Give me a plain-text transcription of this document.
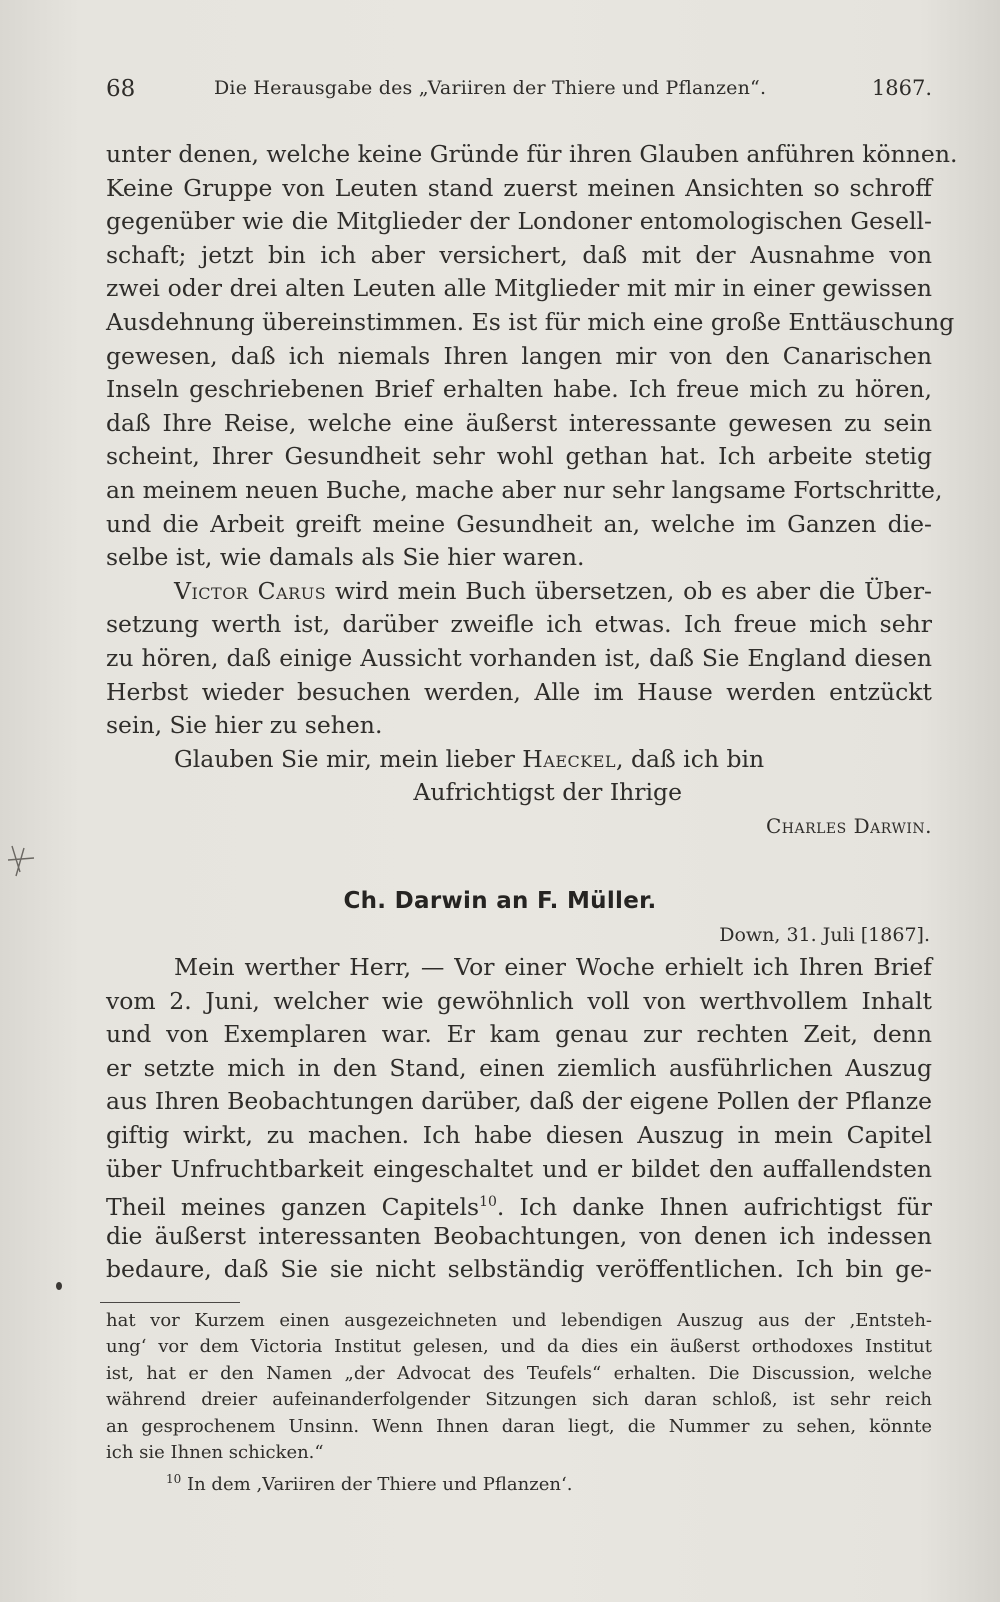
68	Die Herausgabe des „Variiren der Thiere und Pflanzen“.	1867.
unter denen, welche keine Gründe für ihren Glauben anführen können.
Keine Gruppe von Leuten stand zuerst meinen Ansichten so schroff
gegenüber wie die Mitglieder der Londoner entomologischen Gesell-
schaft; jetzt bin ich aber versichert, daß mit der Ausnahme von
zwei oder drei alten Leuten alle Mitglieder mit mir in einer gewissen
Ausdehnung übereinstimmen. Es ist für mich eine große Enttäuschung
gewesen, daß ich niemals Ihren langen mir von den Canarischen
Inseln geschriebenen Brief erhalten habe. Ich freue mich zu hören,
daß Ihre Reise, welche eine äußerst interessante gewesen zu sein
scheint, Ihrer Gesundheit sehr wohl gethan hat. Ich arbeite stetig
an meinem neuen Buche, mache aber nur sehr langsame Fortschritte,
und die Arbeit greift meine Gesundheit an, welche im Ganzen die-
selbe ist, wie damals als Sie hier waren.
Victor Carus wird mein Buch übersetzen, ob es aber die Über-
setzung werth ist, darüber zweifle ich etwas. Ich freue mich sehr
zu hören, daß einige Aussicht vorhanden ist, daß Sie England diesen
Herbst wieder besuchen werden, Alle im Hause werden entzückt
sein, Sie hier zu sehen.
Glauben Sie mir, mein lieber Haeckel, daß ich bin
Aufrichtigst der Ihrige
Charles Darwin.
Ch. Darwin an F. Müller.
Down, 31. Juli [1867].
Mein werther Herr, — Vor einer Woche erhielt ich Ihren Brief
vom 2. Juni, welcher wie gewöhnlich voll von werthvollem Inhalt
und von Exemplaren war. Er kam genau zur rechten Zeit, denn
er setzte mich in den Stand, einen ziemlich ausführlichen Auszug
aus Ihren Beobachtungen darüber, daß der eigene Pollen der Pflanze
giftig wirkt, zu machen. Ich habe diesen Auszug in mein Capitel
über Unfruchtbarkeit eingeschaltet und er bildet den auffallendsten
Theil meines ganzen Capitels$^{10}$. Ich danke Ihnen aufrichtigst für
die äußerst interessanten Beobachtungen, von denen ich indessen
bedaure, daß Sie sie nicht selbständig veröffentlichen. Ich bin ge-
hat vor Kurzem einen ausgezeichneten und lebendigen Auszug aus der ‚Entsteh-
ung‘ vor dem Victoria Institut gelesen, und da dies ein äußerst orthodoxes Institut
ist, hat er den Namen „der Advocat des Teufels“ erhalten. Die Discussion, welche
während dreier aufeinanderfolgender Sitzungen sich daran schloß, ist sehr reich
an gesprochenem Unsinn. Wenn Ihnen daran liegt, die Nummer zu sehen, könnte
ich sie Ihnen schicken.“
$^{10}$ In dem ‚Variiren der Thiere und Pflanzen‘.
